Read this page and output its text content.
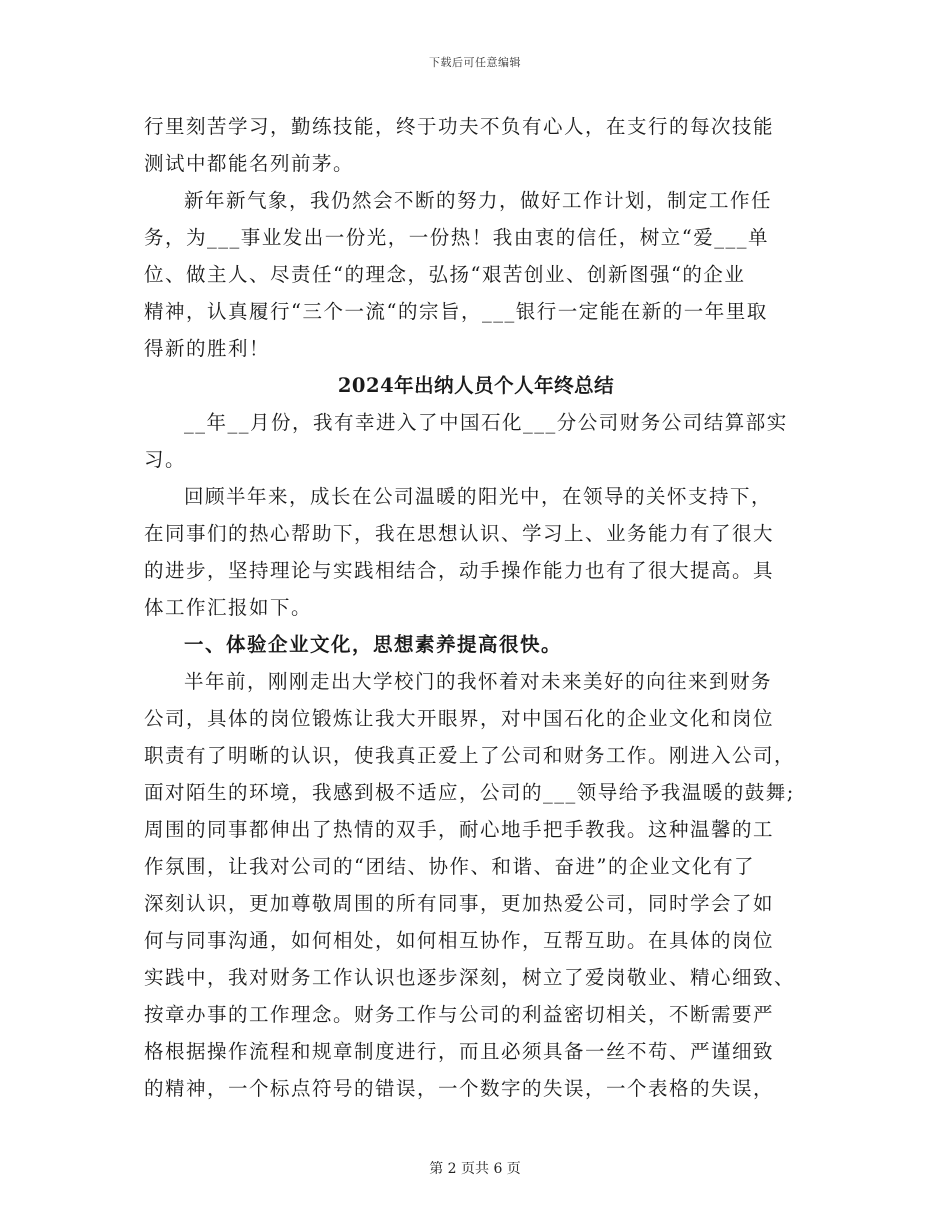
下载后可任意编辑
行里刻苦学习，勤练技能，终于功夫不负有心人，在支行的每次技能
测试中都能名列前茅。
新年新气象，我仍然会不断的努力，做好工作计划，制定工作任
务，为___事业发出一份光，一份热！我由衷的信任，树立“爱___单
位、做主人、尽责任“的理念，弘扬“艰苦创业、创新图强“的企业
精神，认真履行“三个一流“的宗旨，___银行一定能在新的一年里取
得新的胜利！
2024年出纳人员个人年终总结
__年__月份，我有幸进入了中国石化___分公司财务公司结算部实
习。
回顾半年来，成长在公司温暖的阳光中，在领导的关怀支持下，
在同事们的热心帮助下，我在思想认识、学习上、业务能力有了很大
的进步，坚持理论与实践相结合，动手操作能力也有了很大提高。具
体工作汇报如下。
一、体验企业文化，思想素养提高很快。
半年前，刚刚走出大学校门的我怀着对未来美好的向往来到财务
公司，具体的岗位锻炼让我大开眼界，对中国石化的企业文化和岗位
职责有了明晰的认识，使我真正爱上了公司和财务工作。刚进入公司，
面对陌生的环境，我感到极不适应，公司的___领导给予我温暖的鼓舞;
周围的同事都伸出了热情的双手，耐心地手把手教我。这种温馨的工
作氛围，让我对公司的“团结、协作、和谐、奋进”的企业文化有了
深刻认识，更加尊敬周围的所有同事，更加热爱公司，同时学会了如
何与同事沟通，如何相处，如何相互协作，互帮互助。在具体的岗位
实践中，我对财务工作认识也逐步深刻，树立了爱岗敬业、精心细致、
按章办事的工作理念。财务工作与公司的利益密切相关，不断需要严
格根据操作流程和规章制度进行，而且必须具备一丝不苟、严谨细致
的精神，一个标点符号的错误，一个数字的失误，一个表格的失误，
第 2 页共 6 页
